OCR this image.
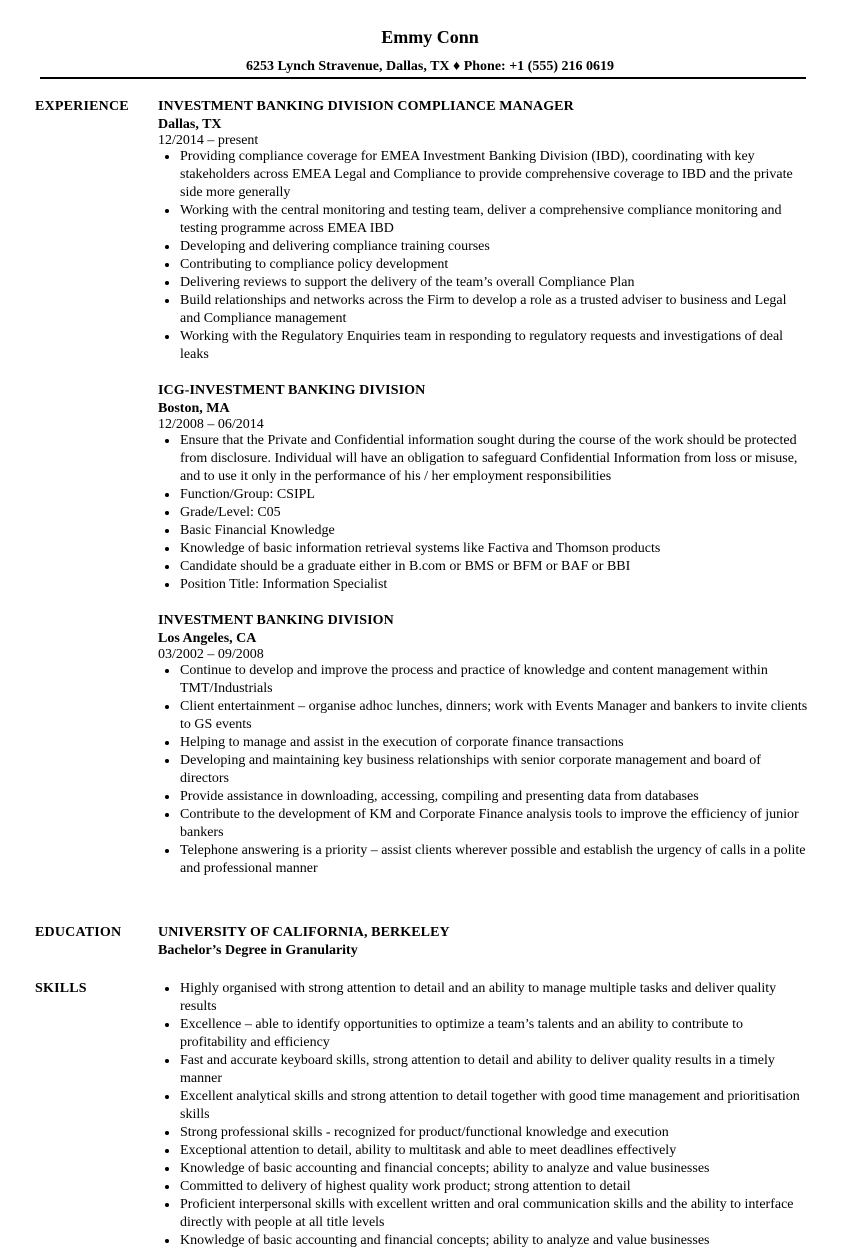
Emmy Conn
6253 Lynch Stravenue, Dallas, TX ♦ Phone: +1 (555) 216 0619
EXPERIENCE INVESTMENT BANKING DIVISION COMPLIANCE MANAGER
Dallas, TX
12/2014 – present
Providing compliance coverage for EMEA Investment Banking Division (IBD), coordinating with key stakeholders across EMEA Legal and Compliance to provide comprehensive coverage to IBD and the private side more generally
Working with the central monitoring and testing team, deliver a comprehensive compliance monitoring and testing programme across EMEA IBD
Developing and delivering compliance training courses
Contributing to compliance policy development
Delivering reviews to support the delivery of the team’s overall Compliance Plan
Build relationships and networks across the Firm to develop a role as a trusted adviser to business and Legal and Compliance management
Working with the Regulatory Enquiries team in responding to regulatory requests and investigations of deal leaks
ICG-INVESTMENT BANKING DIVISION
Boston, MA
12/2008 – 06/2014
Ensure that the Private and Confidential information sought during the course of the work should be protected from disclosure. Individual will have an obligation to safeguard Confidential Information from loss or misuse, and to use it only in the performance of his / her employment responsibilities
Function/Group: CSIPL
Grade/Level: C05
Basic Financial Knowledge
Knowledge of basic information retrieval systems like Factiva and Thomson products
Candidate should be a graduate either in B.com or BMS or BFM or BAF or BBI
Position Title: Information Specialist
INVESTMENT BANKING DIVISION
Los Angeles, CA
03/2002 – 09/2008
Continue to develop and improve the process and practice of knowledge and content management within TMT/Industrials
Client entertainment – organise adhoc lunches, dinners; work with Events Manager and bankers to invite clients to GS events
Helping to manage and assist in the execution of corporate finance transactions
Developing and maintaining key business relationships with senior corporate management and board of directors
Provide assistance in downloading, accessing, compiling and presenting data from databases
Contribute to the development of KM and Corporate Finance analysis tools to improve the efficiency of junior bankers
Telephone answering is a priority – assist clients wherever possible and establish the urgency of calls in a polite and professional manner
EDUCATION	UNIVERSITY OF CALIFORNIA, BERKELEY
Bachelor’s Degree in Granularity
SKILLS	Highly organised with strong attention to detail and an ability to manage multiple tasks and deliver quality results
Excellence – able to identify opportunities to optimize a team’s talents and an ability to contribute to profitability and efficiency
Fast and accurate keyboard skills, strong attention to detail and ability to deliver quality results in a timely manner
Excellent analytical skills and strong attention to detail together with good time management and prioritisation skills
Strong professional skills - recognized for product/functional knowledge and execution
Exceptional attention to detail, ability to multitask and able to meet deadlines effectively
Knowledge of basic accounting and financial concepts; ability to analyze and value businesses
Committed to delivery of highest quality work product; strong attention to detail
Proficient interpersonal skills with excellent written and oral communication skills and the ability to interface directly with people at all title levels
Knowledge of basic accounting and financial concepts; ability to analyze and value businesses
